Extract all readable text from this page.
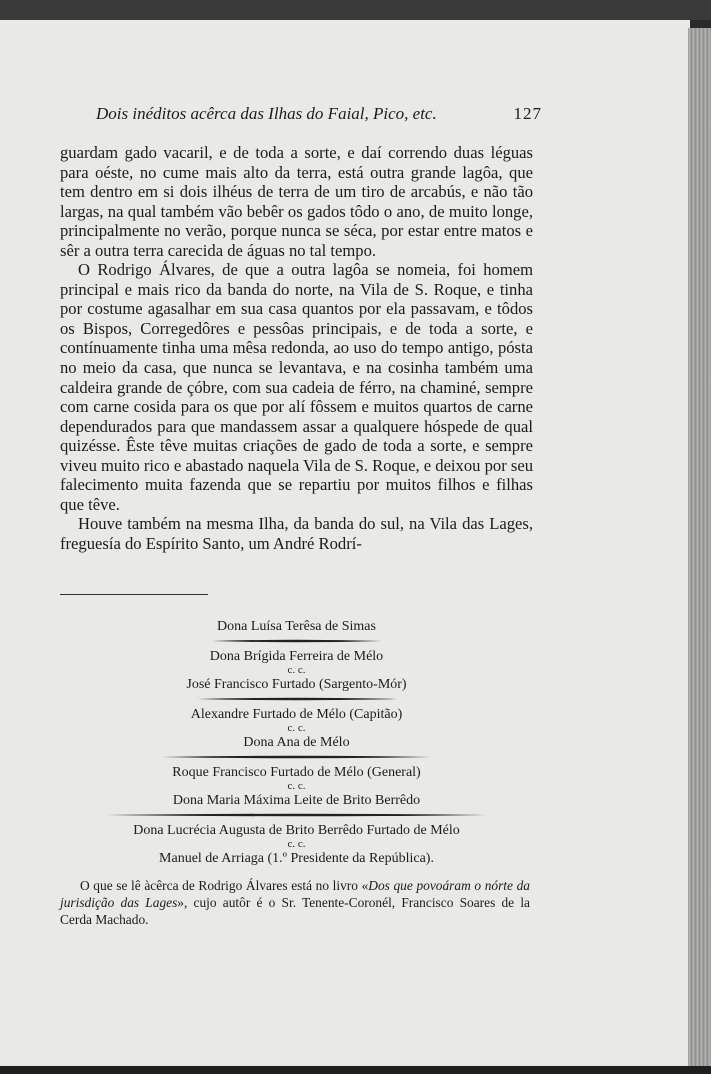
Dois inéditos acêrca das Ilhas do Faial, Pico, etc.	127

guardam gado vacaril, e de toda a sorte, e daí correndo duas léguas para oéste, no cume mais alto da terra, está outra grande lagôa, que tem dentro em si dois ilhéus de terra de um tiro de arcabús, e não tão largas, na qual também vão bebêr os gados tôdo o ano, de muito longe, principalmente no verão, porque nunca se séca, por estar entre matos e sêr a outra terra carecida de águas no tal tempo.

O Rodrigo Álvares, de que a outra lagôa se nomeia, foi homem principal e mais rico da banda do norte, na Vila de S. Roque, e tinha por costume agasalhar em sua casa quantos por ela passavam, e tôdos os Bispos, Corregedôres e pessôas principais, e de toda a sorte, e contínuamente tinha uma mêsa redonda, ao uso do tempo antigo, pósta no meio da casa, que nunca se levantava, e na cosinha também uma caldeira grande de çóbre, com sua cadeia de férro, na chaminé, sempre com carne cosida para os que por alí fôssem e muitos quartos de carne dependurados para que mandassem assar a qualquere hóspede de qual quizésse. Êste têve muitas criações de gado de toda a sorte, e sempre viveu muito rico e abastado naquela Vila de S. Roque, e deixou por seu falecimento muita fazenda que se repartiu por muitos filhos e filhas que têve.

Houve também na mesma Ilha, da banda do sul, na Vila das Lages, freguesía do Espírito Santo, um André Rodrí-

Dona Luísa Terêsa de Simas
Dona Brígida Ferreira de Mélo
c. c.
José Francisco Furtado (Sargento-Mór)
Alexandre Furtado de Mélo (Capitão)
c. c.
Dona Ana de Mélo
Roque Francisco Furtado de Mélo (General)
c. c.
Dona Maria Máxima Leite de Brito Berrêdo
Dona Lucrécia Augusta de Brito Berrêdo Furtado de Mélo
c. c.
Manuel de Arriaga (1.º Presidente da República).

O que se lê àcêrca de Rodrigo Álvares está no livro «Dos que povoáram o nórte da jurisdição das Lages», cujo autôr é o Sr. Tenente-Coronél, Francisco Soares de la Cerda Machado.
